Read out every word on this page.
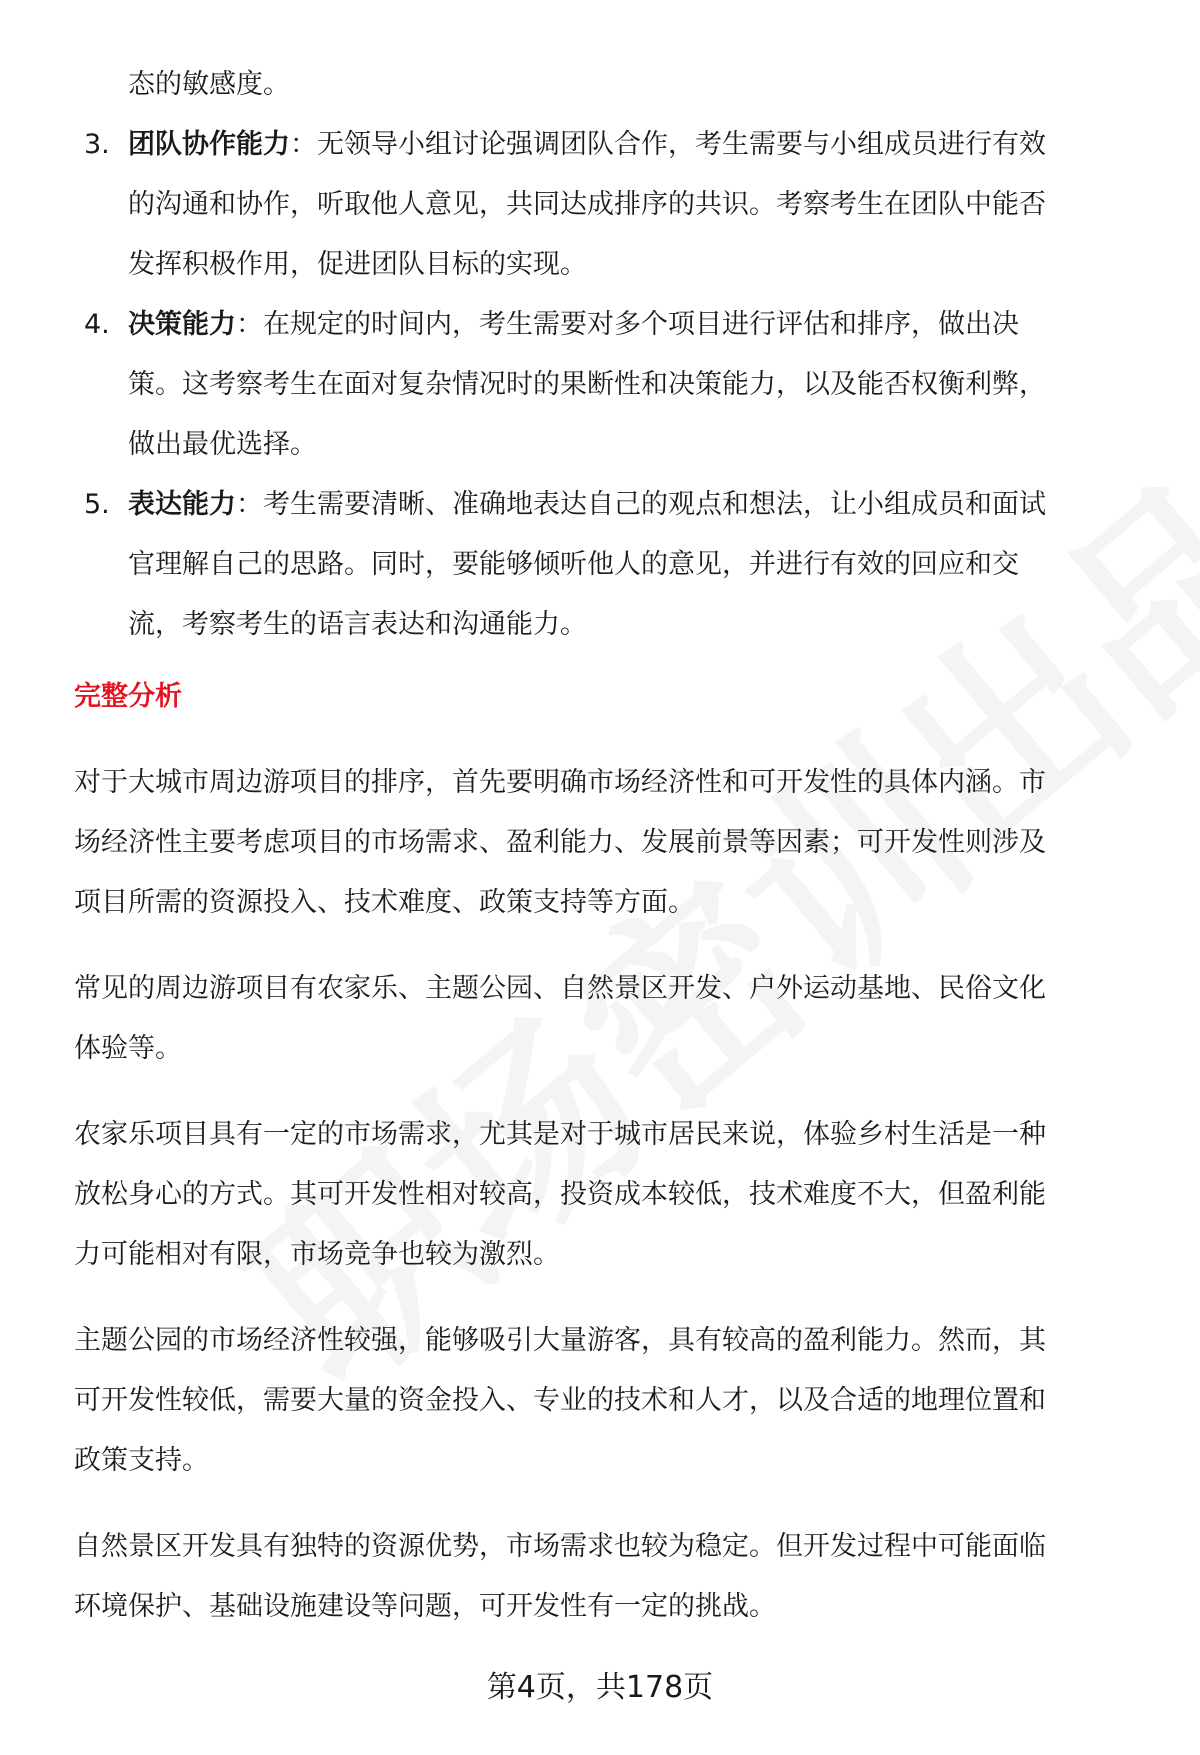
态的敏感度。

3. 团队协作能力：无领导小组讨论强调团队合作，考生需要与小组成员进行有效

的沟通和协作，听取他人意见，共同达成排序的共识。考察考生在团队中能否

发挥积极作用，促进团队目标的实现。

4. 决策能力：在规定的时间内，考生需要对多个项目进行评估和排序，做出决

策。这考察考生在面对复杂情况时的果断性和决策能力，以及能否权衡利弊，

做出最优选择。

5. 表达能力：考生需要清晰、准确地表达自己的观点和想法，让小组成员和面试

官理解自己的思路。同时，要能够倾听他人的意见，并进行有效的回应和交

流，考察考生的语言表达和沟通能力。

完整分析

对于大城市周边游项目的排序，首先要明确市场经济性和可开发性的具体内涵。市

场经济性主要考虑项目的市场需求、盈利能力、发展前景等因素；可开发性则涉及

项目所需的资源投入、技术难度、政策支持等方面。

常见的周边游项目有农家乐、主题公园、自然景区开发、户外运动基地、民俗文化

体验等。

农家乐项目具有一定的市场需求，尤其是对于城市居民来说，体验乡村生活是一种

放松身心的方式。其可开发性相对较高，投资成本较低，技术难度不大，但盈利能

力可能相对有限，市场竞争也较为激烈。

主题公园的市场经济性较强，能够吸引大量游客，具有较高的盈利能力。然而，其

可开发性较低，需要大量的资金投入、专业的技术和人才，以及合适的地理位置和

政策支持。

自然景区开发具有独特的资源优势，市场需求也较为稳定。但开发过程中可能面临

环境保护、基础设施建设等问题，可开发性有一定的挑战。

第4页，共178页
